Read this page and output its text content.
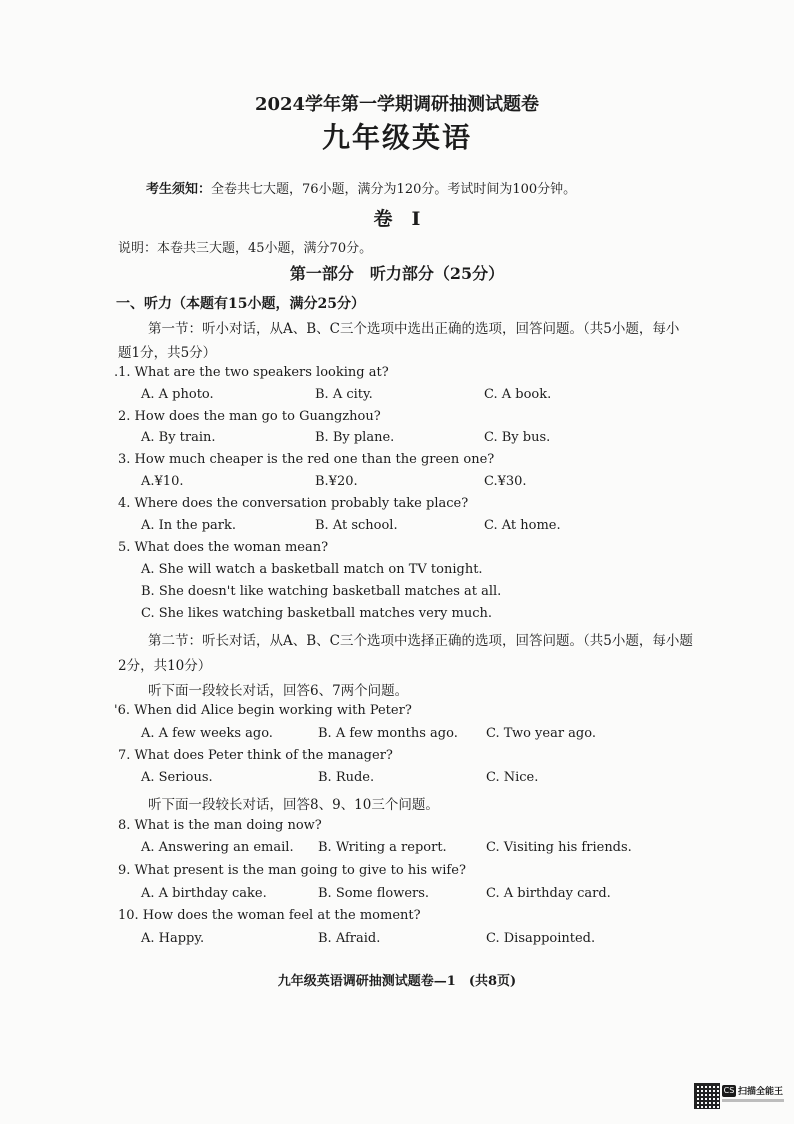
2024学年第一学期调研抽测试题卷
九年级英语
考生须知：全卷共七大题，76小题，满分为120分。考试时间为100分钟。
卷　Ⅰ
说明：本卷共三大题，45小题，满分70分。
第一部分　听力部分（25分）
一、听力（本题有15小题，满分25分）
第一节：听小对话，从A、B、C三个选项中选出正确的选项，回答问题。（共5小题，每小
题1分，共5分）
.1. What are the two speakers looking at?
A. A photo.	B. A city.	C. A book.
2. How does the man go to Guangzhou?
A. By train.	B. By plane.	C. By bus.
3. How much cheaper is the red one than the green one?
A.¥10.	B.¥20.	C.¥30.
4. Where does the conversation probably take place?
A. In the park.	B. At school.	C. At home.
5. What does the woman mean?
A. She will watch a basketball match on TV tonight.
B. She doesn't like watching basketball matches at all.
C. She likes watching basketball matches very much.
第二节：听长对话，从A、B、C三个选项中选择正确的选项，回答问题。（共5小题，每小题
2分，共10分）
听下面一段较长对话，回答6、7两个问题。
'6. When did Alice begin working with Peter?
A. A few weeks ago.	B. A few months ago. C. Two year ago.
7. What does Peter think of the manager?
A. Serious.	B. Rude.	C. Nice.
听下面一段较长对话，回答8、9、10三个问题。
8. What is the man doing now?
A. Answering an email. B. Writing a report.	C. Visiting his friends.
9. What present is the man going to give to his wife?
A. A birthday cake.	B. Some flowers.	C. A birthday card.
10. How does the woman feel at the moment?
A. Happy.	B. Afraid.	C. Disappointed.
九年级英语调研抽测试题卷—1　(共8页)
CS 扫描全能王
